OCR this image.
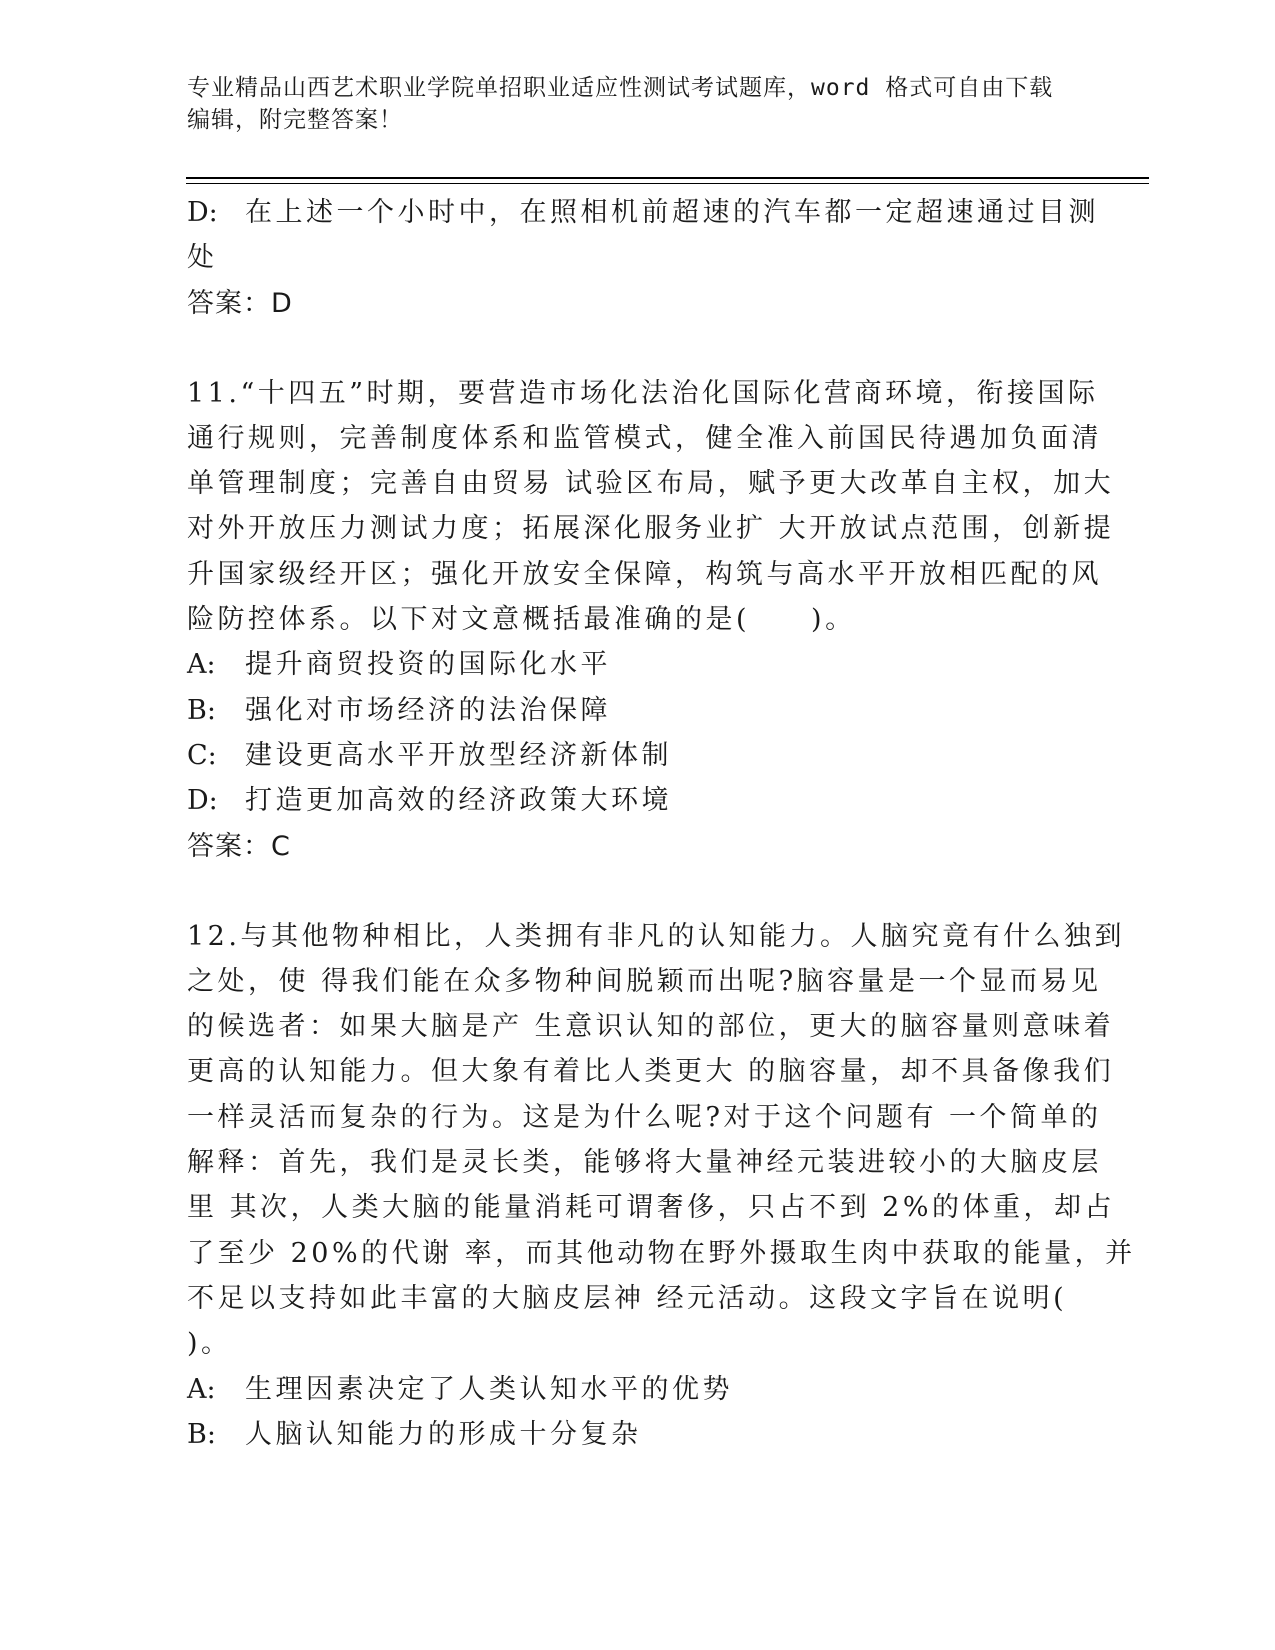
专业精品山西艺术职业学院单招职业适应性测试考试题库，word 格式可自由下载
编辑，附完整答案！

D: 在上述一个小时中，在照相机前超速的汽车都一定超速通过目测

处

答案：D

11.“十四五”时期，要营造市场化法治化国际化营商环境，衔接国际

通行规则，完善制度体系和监管模式，健全准入前国民待遇加负面清

单管理制度；完善自由贸易 试验区布局，赋予更大改革自主权，加大

对外开放压力测试力度；拓展深化服务业扩 大开放试点范围，创新提

升国家级经开区；强化开放安全保障，构筑与高水平开放相匹配的风

险防控体系。以下对文意概括最准确的是(　　)。

A: 提升商贸投资的国际化水平

B: 强化对市场经济的法治保障

C: 建设更高水平开放型经济新体制

D: 打造更加高效的经济政策大环境

答案：C

12.与其他物种相比，人类拥有非凡的认知能力。人脑究竟有什么独到

之处，使 得我们能在众多物种间脱颖而出呢?脑容量是一个显而易见

的候选者：如果大脑是产 生意识认知的部位，更大的脑容量则意味着

更高的认知能力。但大象有着比人类更大 的脑容量，却不具备像我们

一样灵活而复杂的行为。这是为什么呢?对于这个问题有 一个简单的

解释：首先，我们是灵长类，能够将大量神经元装进较小的大脑皮层

里 其次，人类大脑的能量消耗可谓奢侈，只占不到 2%的体重，却占

了至少 20%的代谢 率，而其他动物在野外摄取生肉中获取的能量，并

不足以支持如此丰富的大脑皮层神 经元活动。这段文字旨在说明(

)。

A: 生理因素决定了人类认知水平的优势

B: 人脑认知能力的形成十分复杂
